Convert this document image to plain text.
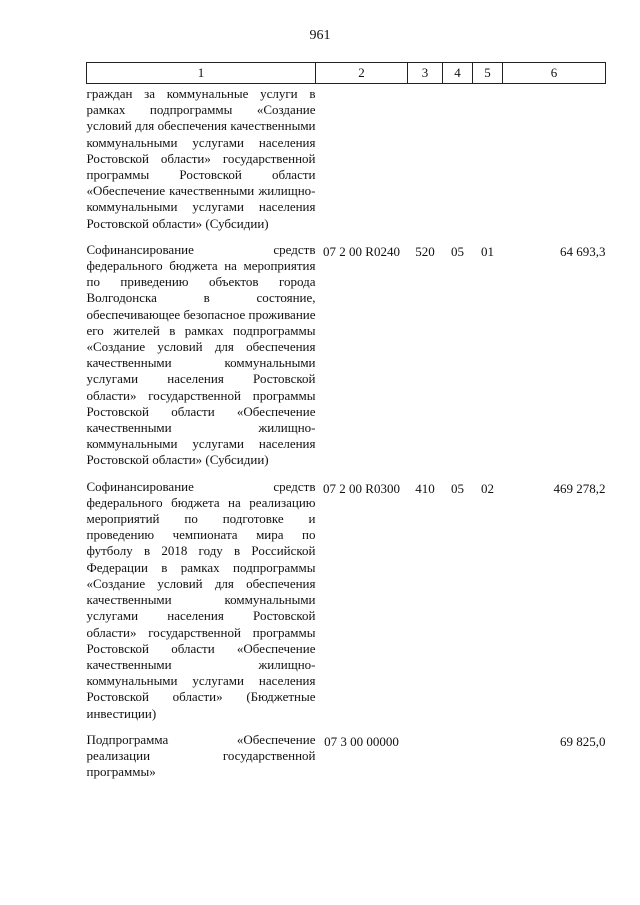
961
1	2	3	4	5	6
граждан за коммунальные услуги в рамках подпрограммы «Создание условий для обеспечения качественными коммунальными услугами населения Ростовской области» государственной программы Ростовской области «Обеспечение качественными жилищно-коммунальными услугами населения Ростовской области» (Субсидии)					
Софинансирование средств федерального бюджета на мероприятия по приведению объектов города Волгодонска в состояние, обеспечивающее безопасное проживание его жителей в рамках подпрограммы «Создание условий для обеспечения качественными коммунальными услугами населения Ростовской области» государственной программы Ростовской области «Обеспечение качественными жилищно-коммунальными услугами населения Ростовской области» (Субсидии)	07 2 00 R0240	520	05	01	64 693,3
Софинансирование средств федерального бюджета на реализацию мероприятий по подготовке и проведению чемпионата мира по футболу в 2018 году в Российской Федерации в рамках подпрограммы «Создание условий для обеспечения качественными коммунальными услугами населения Ростовской области» государственной программы Ростовской области «Обеспечение качественными жилищно-коммунальными услугами населения Ростовской области» (Бюджетные инвестиции)	07 2 00 R0300	410	05	02	469 278,2
Подпрограмма «Обеспечение реализации государственной программы»	07 3 00 00000				69 825,0
